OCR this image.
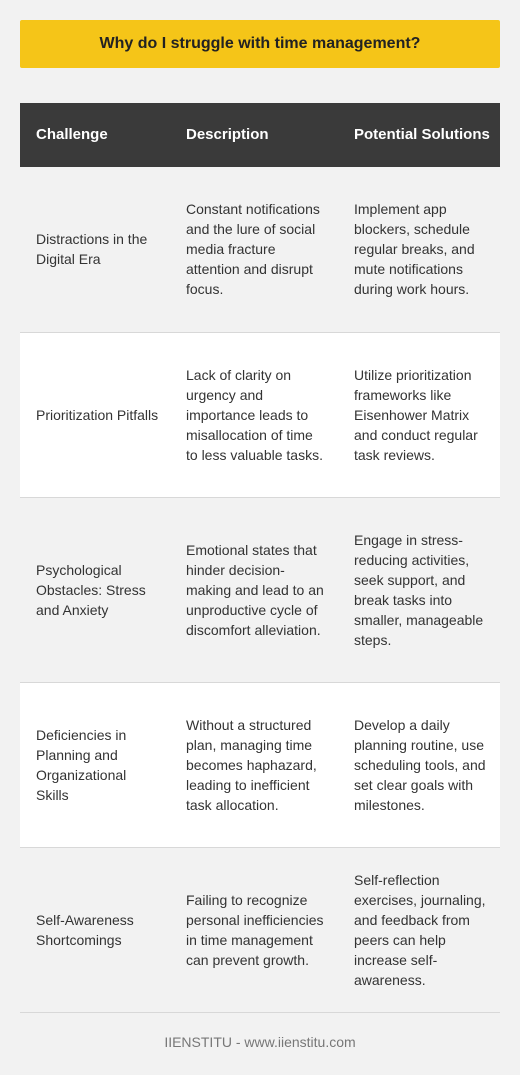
Why do I struggle with time management?
Challenge	Description	Potential Solutions
Distractions in the Digital Era	Constant notifications and the lure of social media fracture attention and disrupt focus.	Implement app blockers, schedule regular breaks, and mute notifications during work hours.
Prioritization Pitfalls	Lack of clarity on urgency and importance leads to misallocation of time to less valuable tasks.	Utilize prioritization frameworks like Eisenhower Matrix and conduct regular task reviews.
Psychological Obstacles: Stress and Anxiety	Emotional states that hinder decision-making and lead to an unproductive cycle of discomfort alleviation.	Engage in stress-reducing activities, seek support, and break tasks into smaller, manageable steps.
Deficiencies in Planning and Organizational Skills	Without a structured plan, managing time becomes haphazard, leading to inefficient task allocation.	Develop a daily planning routine, use scheduling tools, and set clear goals with milestones.
Self-Awareness Shortcomings	Failing to recognize personal inefficiencies in time management can prevent growth.	Self-reflection exercises, journaling, and feedback from peers can help increase self-awareness.
IIENSTITU - www.iienstitu.com
